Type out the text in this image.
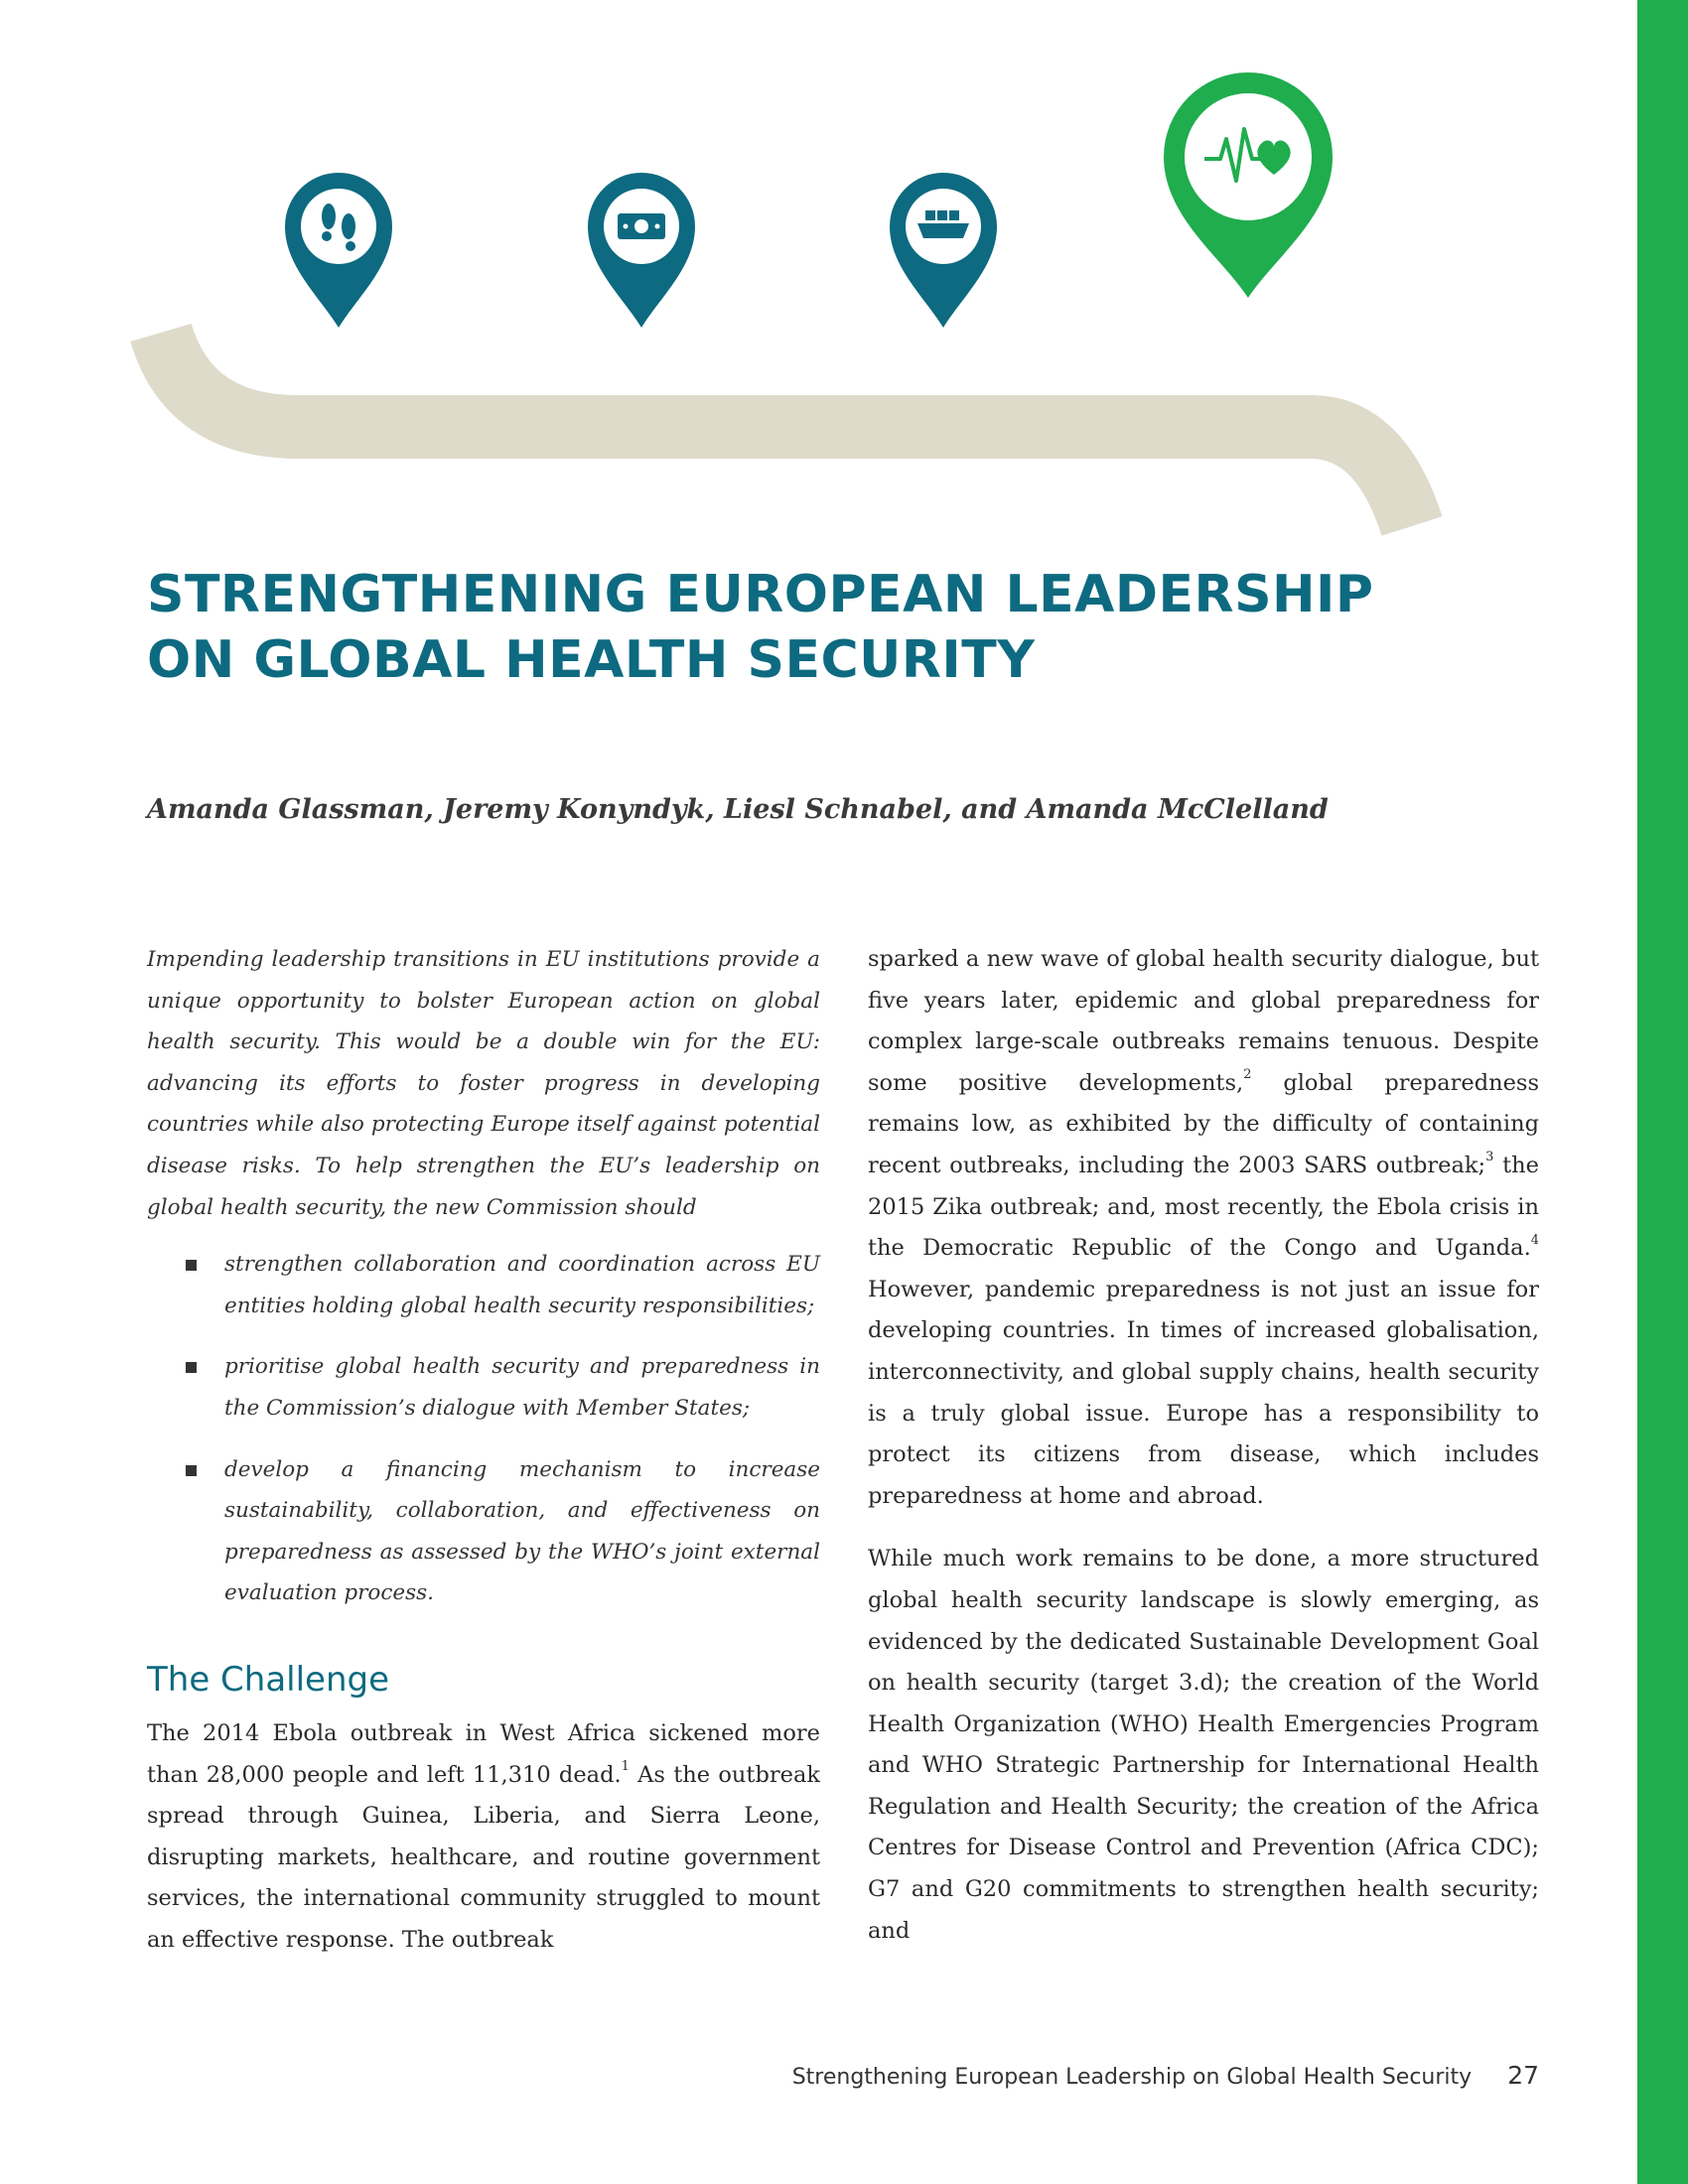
STRENGTHENING EUROPEAN LEADERSHIP
ON GLOBAL HEALTH SECURITY

Amanda Glassman, Jeremy Konyndyk, Liesl Schnabel, and Amanda McClelland

Impending leadership transitions in EU institutions provide a unique opportunity to bolster European action on global health security. This would be a double win for the EU: advancing its efforts to foster progress in developing countries while also protecting Europe itself against potential disease risks. To help strengthen the EU’s leadership on global health security, the new Commission should

strengthen collaboration and coordination across EU entities holding global health security responsibilities;
prioritise global health security and preparedness in the Commission’s dialogue with Member States;
develop a financing mechanism to increase sustainability, collaboration, and effectiveness on preparedness as assessed by the WHO’s joint external evaluation process.
The Challenge

The 2014 Ebola outbreak in West Africa sickened more than 28,000 people and left 11,310 dead.$^1$ As the outbreak spread through Guinea, Liberia, and Sierra Leone, disrupting markets, healthcare, and routine government services, the international community struggled to mount an effective response. The outbreak

sparked a new wave of global health security dialogue, but five years later, epidemic and global preparedness for complex large-scale outbreaks remains tenuous. Despite some positive developments,$^2$ global preparedness remains low, as exhibited by the difficulty of containing recent outbreaks, including the 2003 SARS outbreak;$^3$ the 2015 Zika outbreak; and, most recently, the Ebola crisis in the Democratic Republic of the Congo and Uganda.$^4$ However, pandemic preparedness is not just an issue for developing countries. In times of increased globalisation, interconnectivity, and global supply chains, health security is a truly global issue. Europe has a responsibility to protect its citizens from disease, which includes preparedness at home and abroad.

While much work remains to be done, a more structured global health security landscape is slowly emerging, as evidenced by the dedicated Sustainable Development Goal on health security (target 3.d); the creation of the World Health Organization (WHO) Health Emergencies Program and WHO Strategic Partnership for International Health Regulation and Health Security; the creation of the Africa Centres for Disease Control and Prevention (Africa CDC); G7 and G20 commitments to strengthen health security; and

Strengthening European Leadership on Global Health Security 27
